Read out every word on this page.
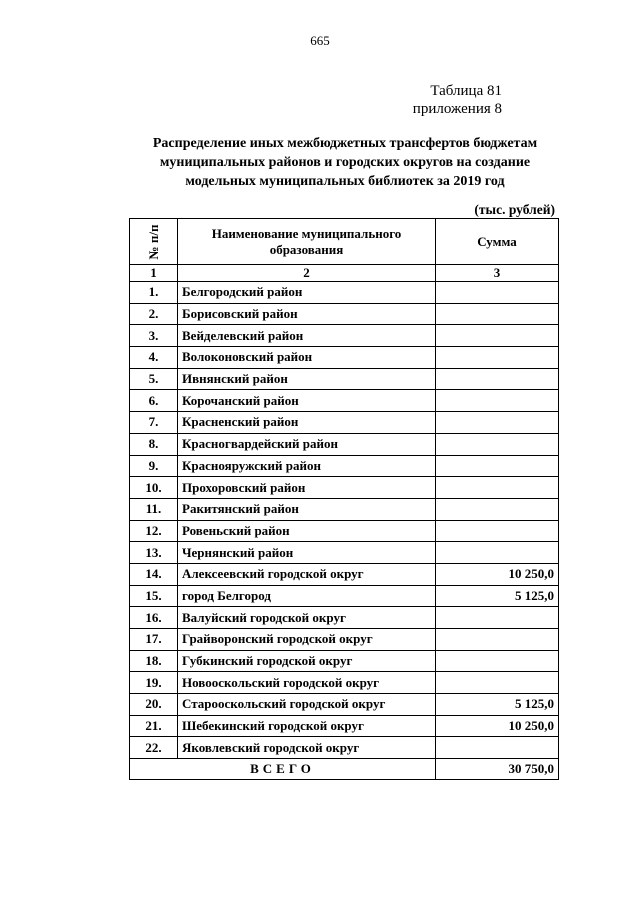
665
Таблица 81
приложения 8
Распределение иных межбюджетных трансфертов бюджетам
муниципальных районов и городских округов на создание
модельных муниципальных библиотек за 2019 год
(тыс. рублей)
№ п/п	Наименование муниципального
образования	Сумма
1	2	3
1.	Белгородский район	
2.	Борисовский район	
3.	Вейделевский район	
4.	Волоконовский район	
5.	Ивнянский район	
6.	Корочанский район	
7.	Красненский район	
8.	Красногвардейский район	
9.	Краснояружский район	
10.	Прохоровский район	
11.	Ракитянский район	
12.	Ровеньский район	
13.	Чернянский район	
14.	Алексеевский городской округ	10 250,0
15.	город Белгород	5 125,0
16.	Валуйский городской округ	
17.	Грайворонский городской округ	
18.	Губкинский городской округ	
19.	Новооскольский городской округ	
20.	Старооскольский городской округ	5 125,0
21.	Шебекинский городской округ	10 250,0
22.	Яковлевский городской округ	
ВСЕГО		30 750,0
